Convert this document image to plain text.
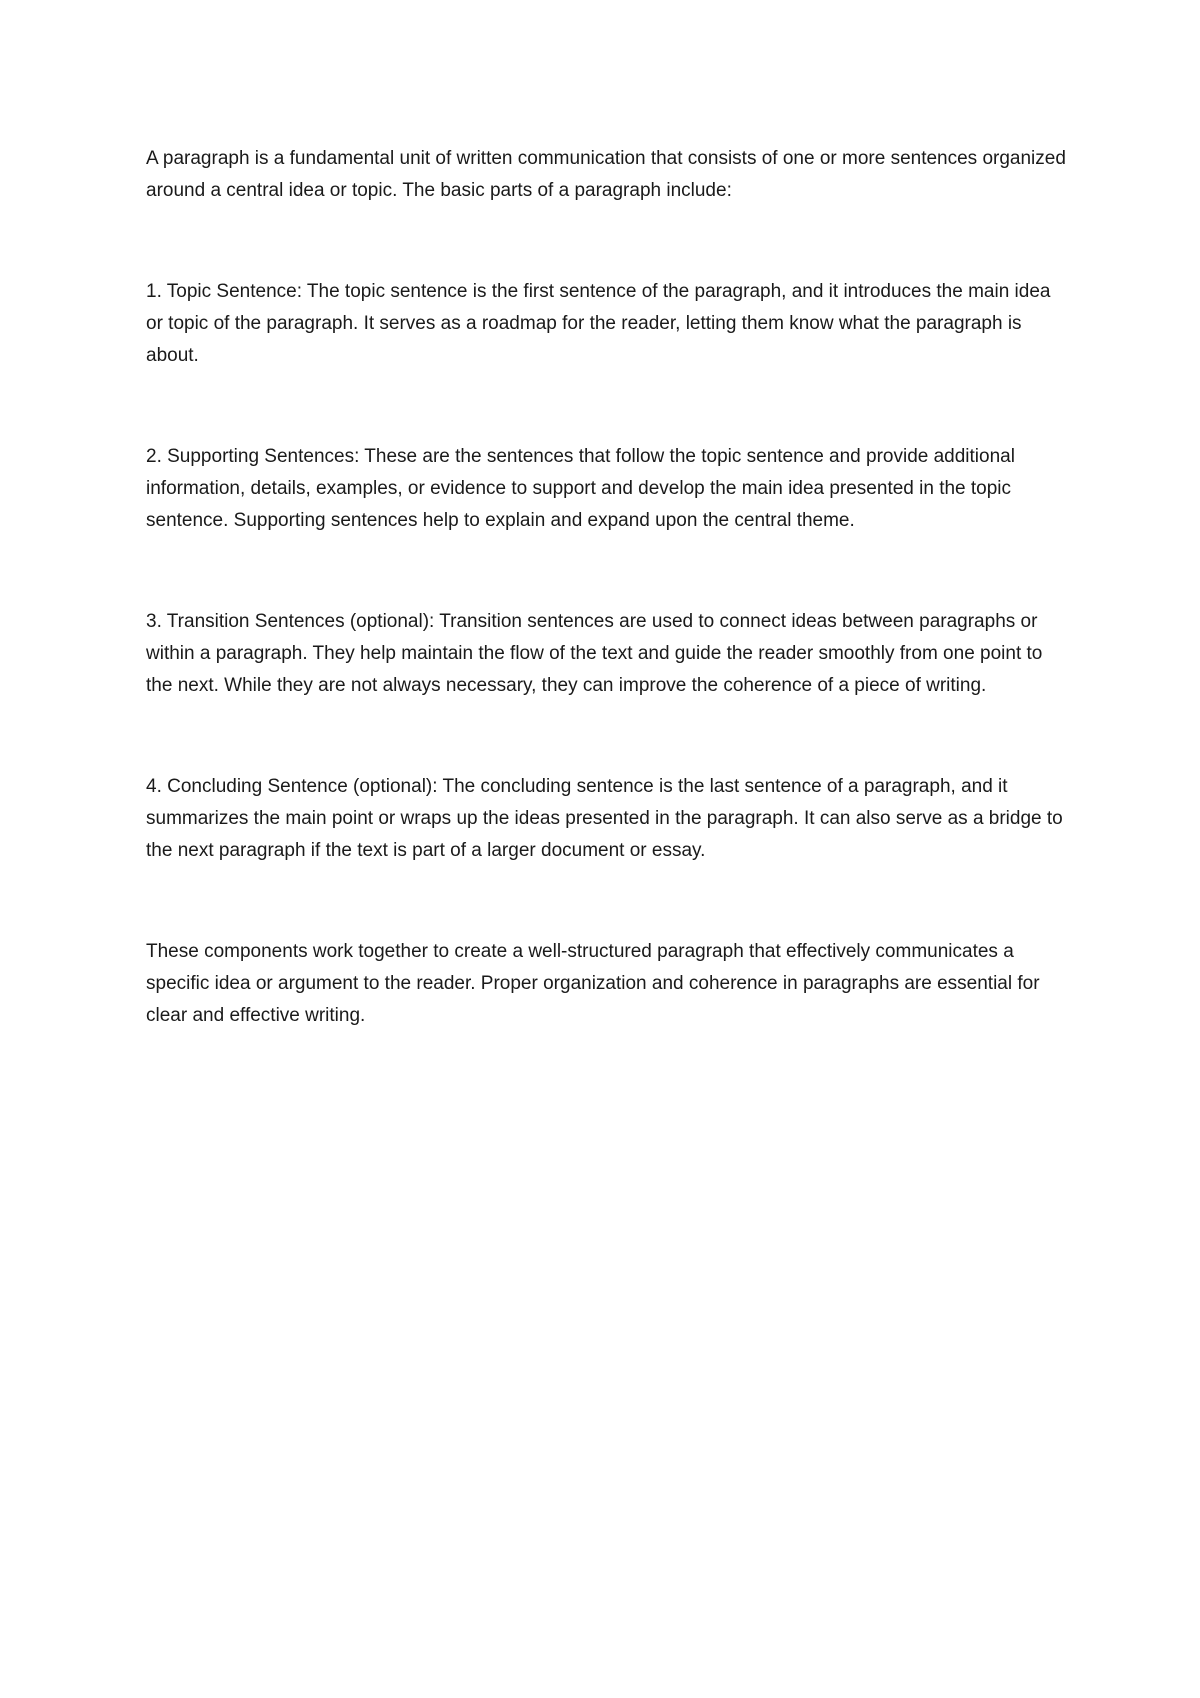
A paragraph is a fundamental unit of written communication that consists of one or more sentences organized around a central idea or topic. The basic parts of a paragraph include:

1. Topic Sentence: The topic sentence is the first sentence of the paragraph, and it introduces the main idea or topic of the paragraph. It serves as a roadmap for the reader, letting them know what the paragraph is about.

2. Supporting Sentences: These are the sentences that follow the topic sentence and provide additional information, details, examples, or evidence to support and develop the main idea presented in the topic sentence. Supporting sentences help to explain and expand upon the central theme.

3. Transition Sentences (optional): Transition sentences are used to connect ideas between paragraphs or within a paragraph. They help maintain the flow of the text and guide the reader smoothly from one point to the next. While they are not always necessary, they can improve the coherence of a piece of writing.

4. Concluding Sentence (optional): The concluding sentence is the last sentence of a paragraph, and it summarizes the main point or wraps up the ideas presented in the paragraph. It can also serve as a bridge to the next paragraph if the text is part of a larger document or essay.

These components work together to create a well-structured paragraph that effectively communicates a specific idea or argument to the reader. Proper organization and coherence in paragraphs are essential for clear and effective writing.
